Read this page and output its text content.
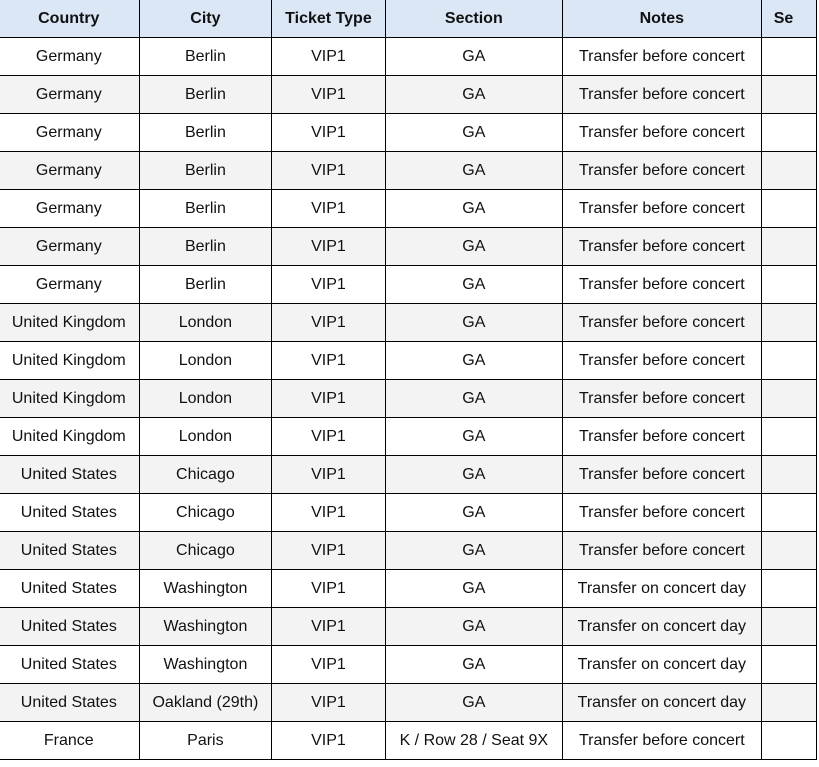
Country	City	Ticket Type	Section	Notes	Se
Germany	Berlin	VIP1	GA	Transfer before concert	
Germany	Berlin	VIP1	GA	Transfer before concert	
Germany	Berlin	VIP1	GA	Transfer before concert	
Germany	Berlin	VIP1	GA	Transfer before concert	
Germany	Berlin	VIP1	GA	Transfer before concert	
Germany	Berlin	VIP1	GA	Transfer before concert	
Germany	Berlin	VIP1	GA	Transfer before concert	
United Kingdom	London	VIP1	GA	Transfer before concert	
United Kingdom	London	VIP1	GA	Transfer before concert	
United Kingdom	London	VIP1	GA	Transfer before concert	
United Kingdom	London	VIP1	GA	Transfer before concert	
United States	Chicago	VIP1	GA	Transfer before concert	
United States	Chicago	VIP1	GA	Transfer before concert	
United States	Chicago	VIP1	GA	Transfer before concert	
United States	Washington	VIP1	GA	Transfer on concert day	
United States	Washington	VIP1	GA	Transfer on concert day	
United States	Washington	VIP1	GA	Transfer on concert day	
United States	Oakland (29th)	VIP1	GA	Transfer on concert day	
France	Paris	VIP1	K / Row 28 / Seat 9X	Transfer before concert	
